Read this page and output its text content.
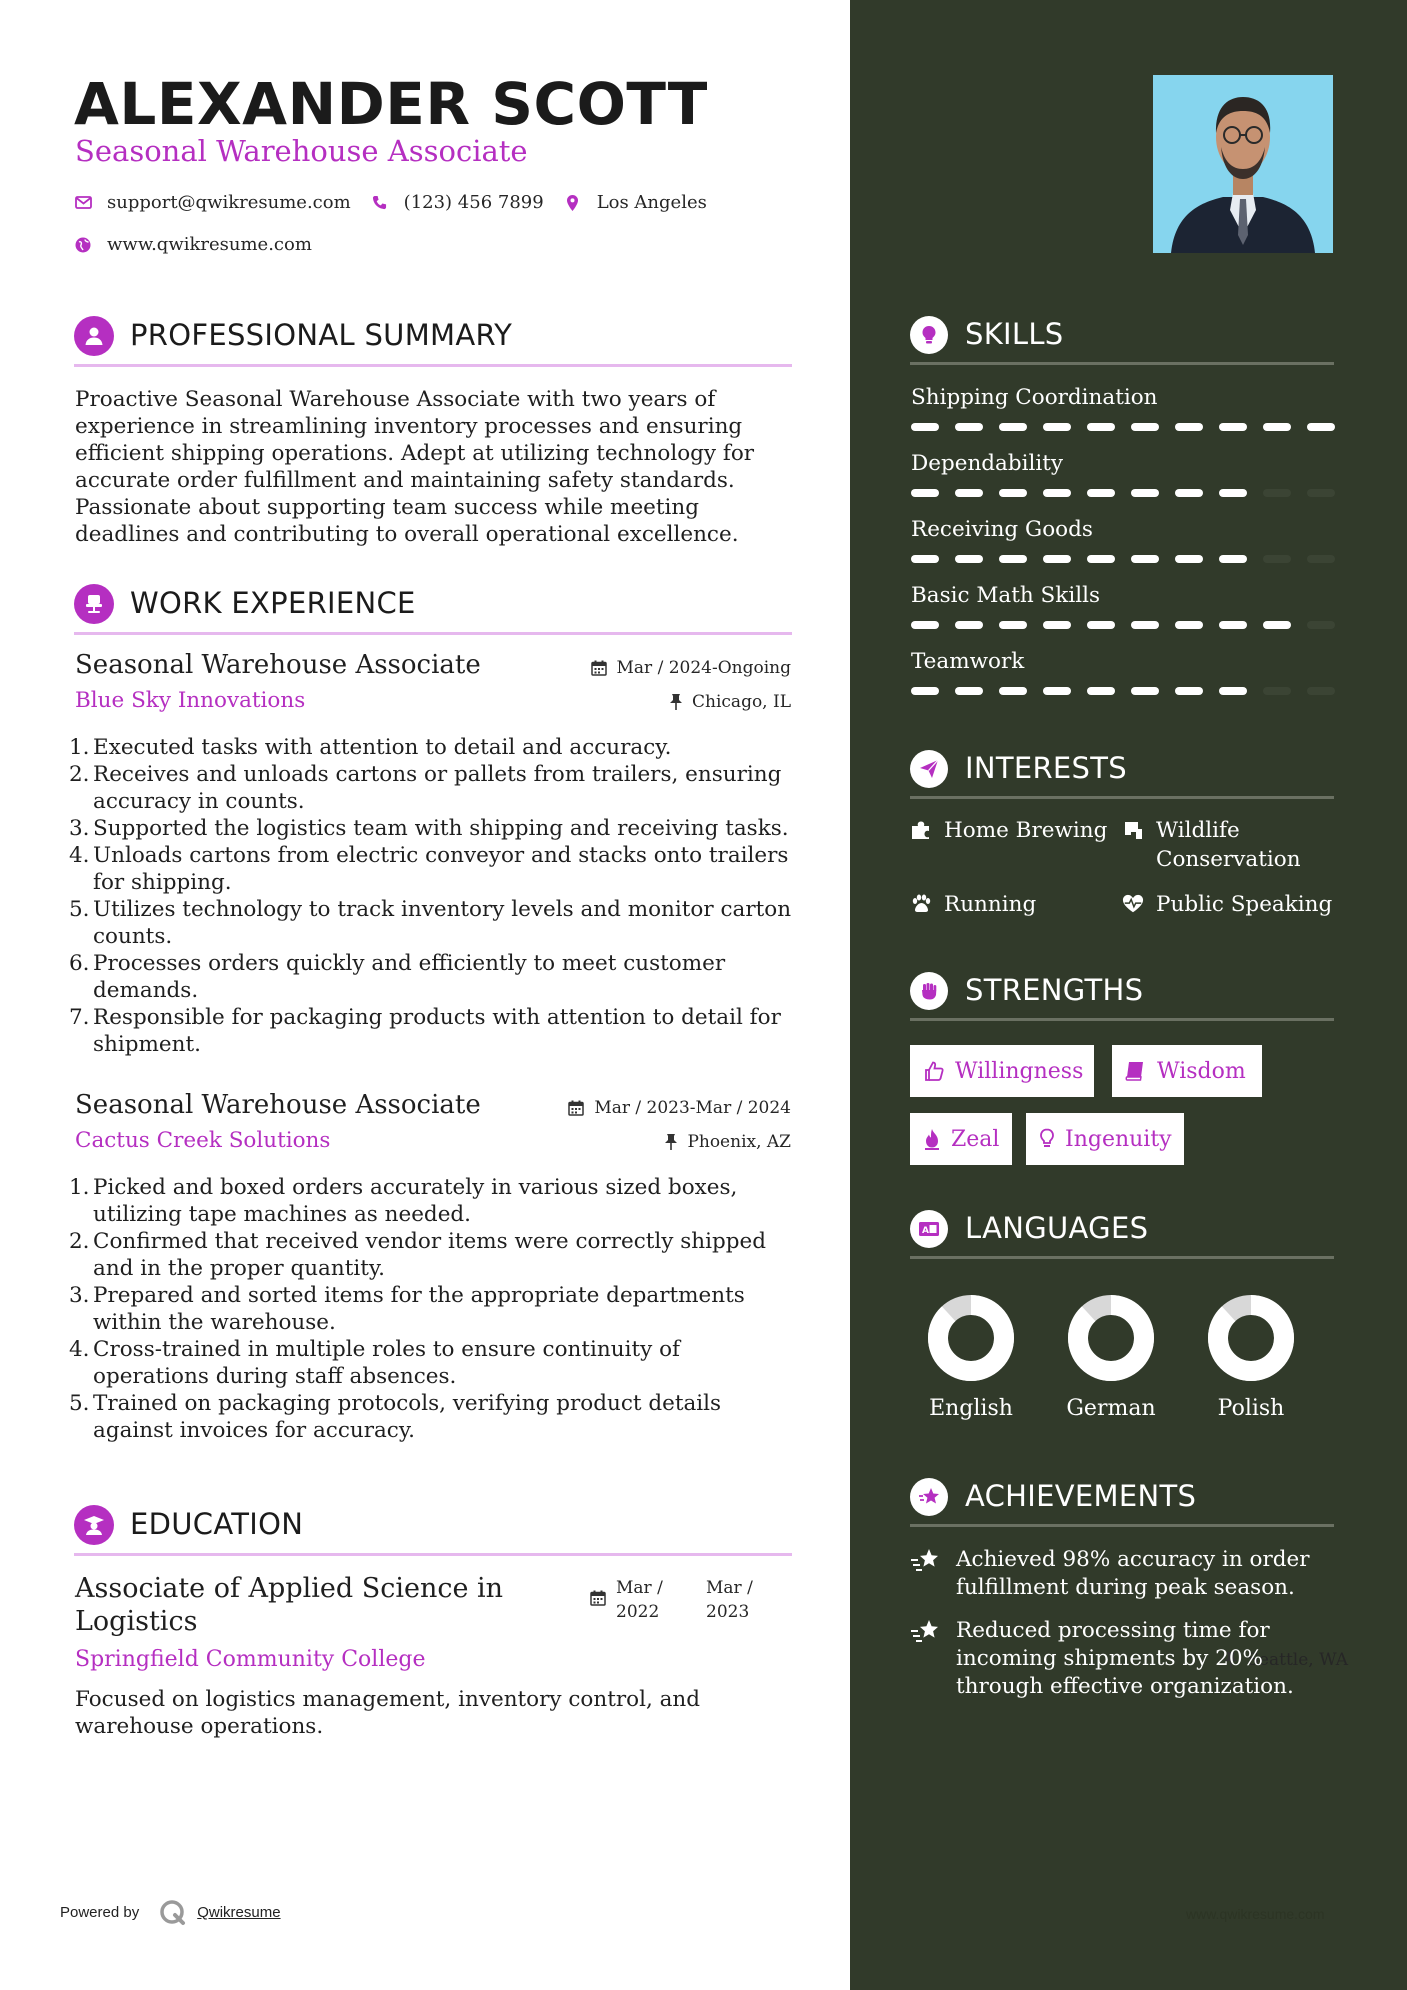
ALEXANDER SCOTT
Seasonal Warehouse Associate
support@qwikresume.com	(123) 456 7899	Los Angeles
www.qwikresume.com
PROFESSIONAL SUMMARY
Proactive Seasonal Warehouse Associate with two years of experience in streamlining inventory processes and ensuring efficient shipping operations. Adept at utilizing technology for accurate order fulfillment and maintaining safety standards. Passionate about supporting team success while meeting deadlines and contributing to overall operational excellence.
WORK EXPERIENCE
Seasonal Warehouse Associate	Mar / 2024-Ongoing
Blue Sky Innovations	Chicago, IL
1. Executed tasks with attention to detail and accuracy.
2. Receives and unloads cartons or pallets from trailers, ensuring accuracy in counts.
3. Supported the logistics team with shipping and receiving tasks.
4. Unloads cartons from electric conveyor and stacks onto trailers for shipping.
5. Utilizes technology to track inventory levels and monitor carton counts.
6. Processes orders quickly and efficiently to meet customer demands.
7. Responsible for packaging products with attention to detail for shipment.
Seasonal Warehouse Associate	Mar / 2023-Mar / 2024
Cactus Creek Solutions	Phoenix, AZ
1. Picked and boxed orders accurately in various sized boxes, utilizing tape machines as needed.
2. Confirmed that received vendor items were correctly shipped and in the proper quantity.
3. Prepared and sorted items for the appropriate departments within the warehouse.
4. Cross-trained in multiple roles to ensure continuity of operations during staff absences.
5. Trained on packaging protocols, verifying product details against invoices for accuracy.
EDUCATION
Associate of Applied Science in Logistics
Mar / 2022
Mar / 2023
Springfield Community College	Seattle, WA
Focused on logistics management, inventory control, and warehouse operations.
Powered by	Qwikresume	www.qwikresume.com
SKILLS
Shipping Coordination
Dependability
Receiving Goods
Basic Math Skills
Teamwork
INTERESTS
Home Brewing Wildlife Conservation
Running	Public Speaking
STRENGTHS
Willingness	Wisdom
Zeal	Ingenuity
A LANGUAGES
English	German	Polish
ACHIEVEMENTS
Achieved 98% accuracy in order fulfillment during peak season.
Reduced processing time for incoming shipments by 20% through effective organization.
